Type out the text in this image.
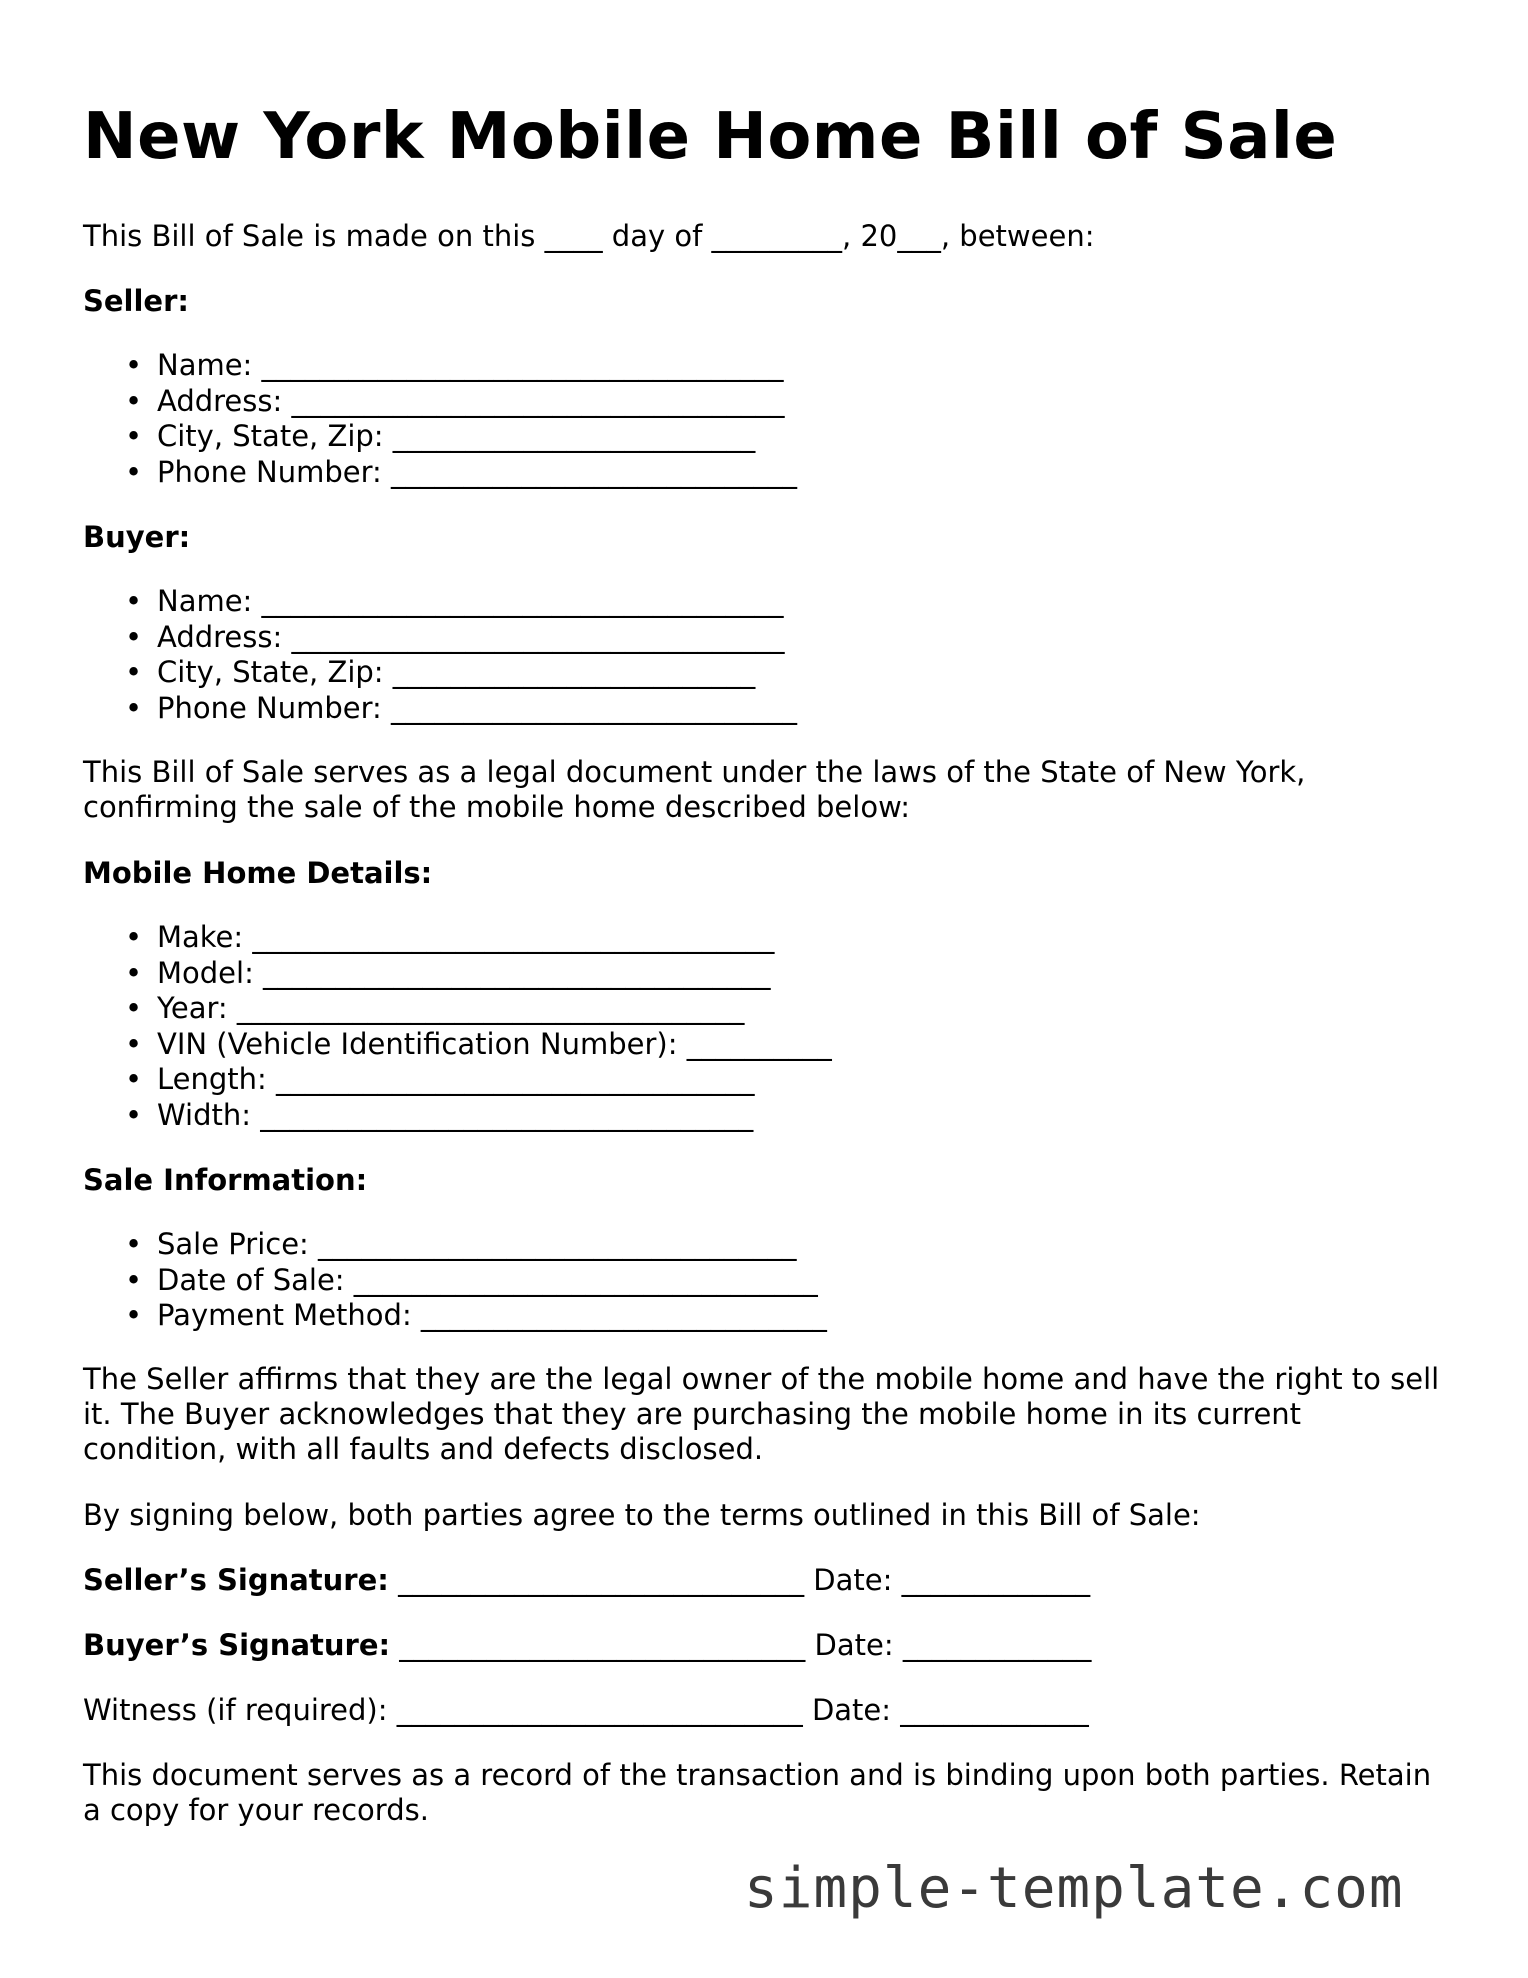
New York Mobile Home Bill of Sale

This Bill of Sale is made on this ____ day of _________, 20___, between:

Seller:

• Name: ____________________________________
• Address: __________________________________
• City, State, Zip: _________________________
• Phone Number: ____________________________

Buyer:

• Name: ____________________________________
• Address: __________________________________
• City, State, Zip: _________________________
• Phone Number: ____________________________

This Bill of Sale serves as a legal document under the laws of the State of New York, confirming the sale of the mobile home described below:

Mobile Home Details:

• Make: ____________________________________
• Model: ___________________________________
• Year: ___________________________________
• VIN (Vehicle Identification Number): __________
• Length: _________________________________
• Width: __________________________________

Sale Information:

• Sale Price: _________________________________
• Date of Sale: ________________________________
• Payment Method: ____________________________

The Seller affirms that they are the legal owner of the mobile home and have the right to sell it. The Buyer acknowledges that they are purchasing the mobile home in its current condition, with all faults and defects disclosed.

By signing below, both parties agree to the terms outlined in this Bill of Sale:

Seller’s Signature: ____________________________ Date: _____________

Buyer’s Signature: ____________________________ Date: _____________

Witness (if required): ____________________________ Date: _____________

This document serves as a record of the transaction and is binding upon both parties. Retain a copy for your records.

simple-template.com
